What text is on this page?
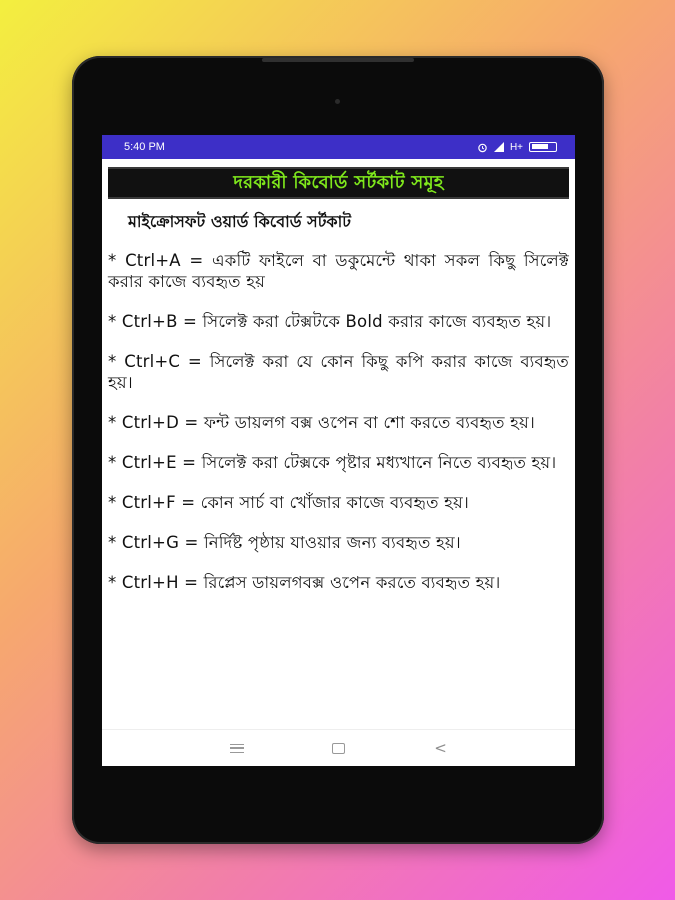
5:40 PM	H+
দরকারী কিবোর্ড সর্টকাট সমূহ
মাইক্রোসফট ওয়ার্ড কিবোর্ড সর্টকাট
* Ctrl+A = একটি ফাইলে বা ডকুমেন্টে থাকা সকল কিছু সিলেক্ট করার কাজে ব্যবহৃত হয়
* Ctrl+B = সিলেক্ট করা টেক্সটকে Bold করার কাজে ব্যবহৃত হয়।
* Ctrl+C = সিলেক্ট করা যে কোন কিছু কপি করার কাজে ব্যবহৃত হয়।
* Ctrl+D = ফন্ট ডায়লগ বক্স ওপেন বা শো করতে ব্যবহৃত হয়।
* Ctrl+E = সিলেক্ট করা টেক্সকে পৃষ্টার মধ্যখানে নিতে ব্যবহৃত হয়।
* Ctrl+F = কোন সার্চ বা খোঁজার কাজে ব্যবহৃত হয়।
* Ctrl+G = নির্দিষ্ট পৃষ্ঠায় যাওয়ার জন্য ব্যবহৃত হয়।
* Ctrl+H = রিপ্লেস ডায়লগবক্স ওপেন করতে ব্যবহৃত হয়।
<
